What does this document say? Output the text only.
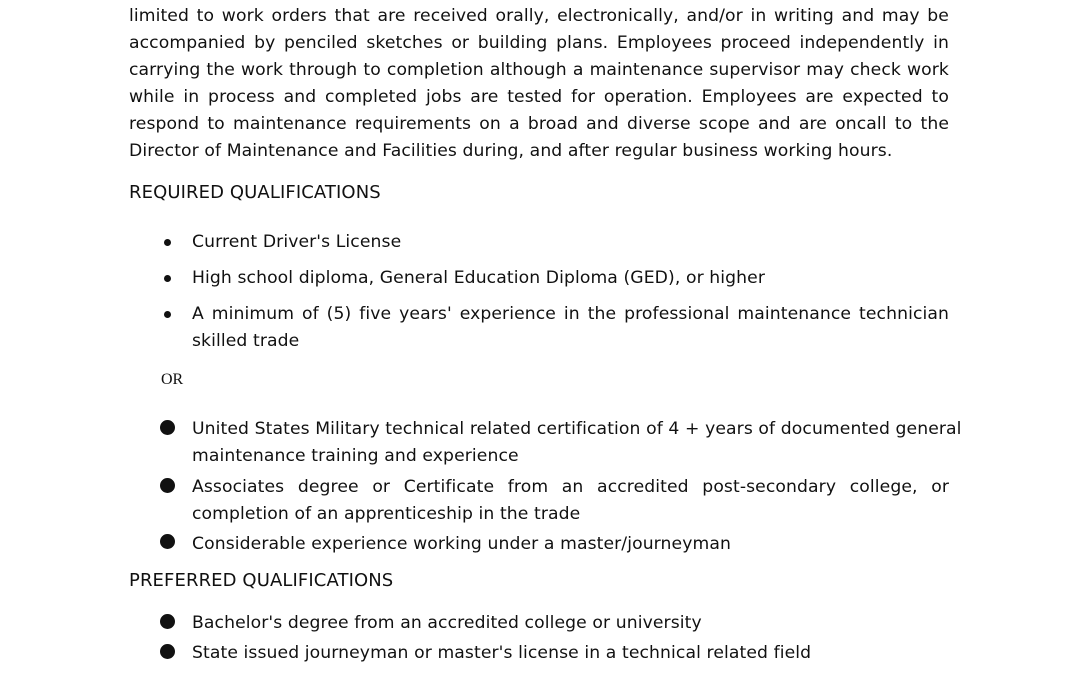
limited to work orders that are received orally, electronically, and/or in writing and may be
accompanied by penciled sketches or building plans. Employees proceed independently in
carrying the work through to completion although a maintenance supervisor may check work
while in process and completed jobs are tested for operation. Employees are expected to
respond to maintenance requirements on a broad and diverse scope and are oncall to the
Director of Maintenance and Facilities during, and after regular business working hours.
REQUIRED QUALIFICATIONS
Current Driver's License
High school diploma, General Education Diploma (GED), or higher
A minimum of (5) five years' experience in the professional maintenance technician
skilled trade
OR
United States Military technical related certification of 4 + years of documented general
maintenance training and experience
Associates degree or Certificate from an accredited post-secondary college, or
completion of an apprenticeship in the trade
Considerable experience working under a master/journeyman
PREFERRED QUALIFICATIONS
Bachelor's degree from an accredited college or university
State issued journeyman or master's license in a technical related field
